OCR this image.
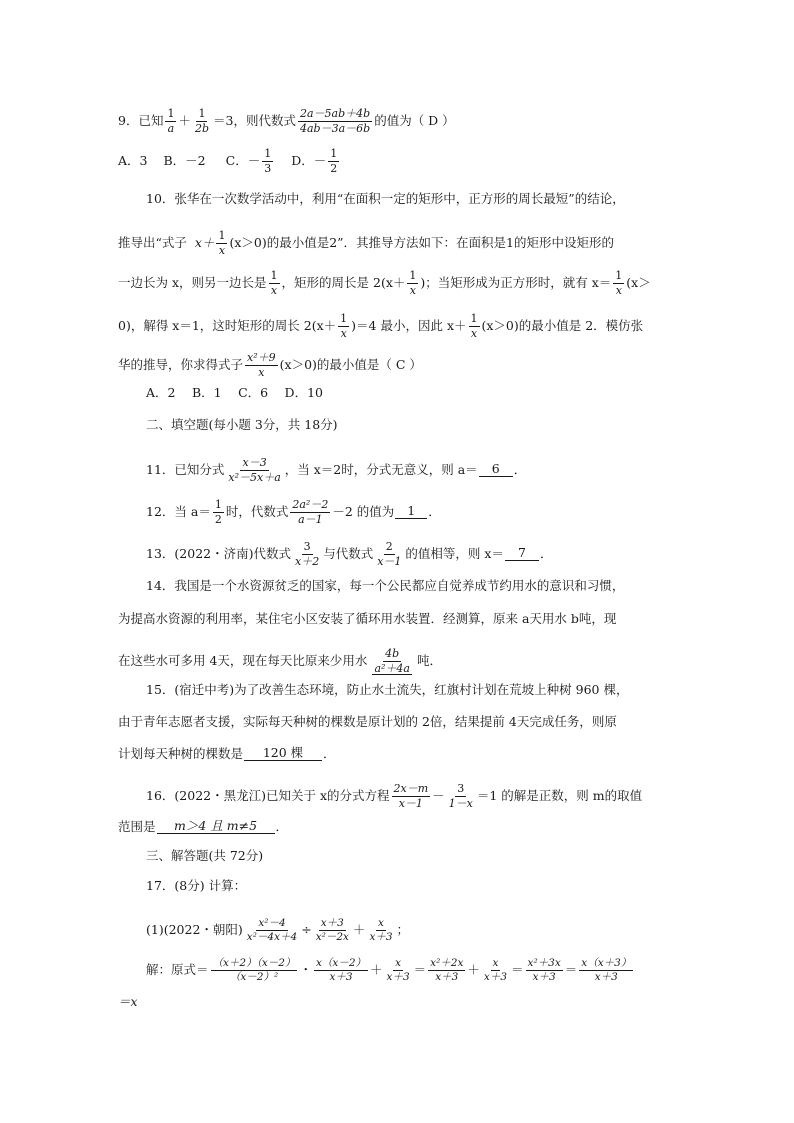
9．已知 1
a
＋ 1
2b
＝3，则代数式 2a－5ab＋4b
4ab－3a－6b
的值为（ D ）
A．3 B．－2 C．－ 1
3
D．－ 1
2
10．张华在一次数学活动中，利用“在面积一定的矩形中，正方形的周长最短”的结论，
推导出“式子 x＋ 1
x
(x＞0)的最小值是2”．其推导方法如下：在面积是1的矩形中设矩形的
一边长为 x，则另一边长是 1
x
，矩形的周长是 2(x＋ 1
x
)；当矩形成为正方形时，就有 x＝ 1
x
(x＞
0)，解得 x＝1，这时矩形的周长 2(x＋ 1
x
)＝4 最小，因此 x＋ 1
x
(x＞0)的最小值是 2．模仿张
华的推导，你求得式子 x²＋9
x
(x＞0)的最小值是（ C ）
A．2　 B．1　 C．6　 D．10
二、填空题(每小题 3分，共 18分)
11．已知分式 x－3
x²－5x＋a
，当 x＝2时，分式无意义，则 a＝	6	．
12．当 a＝ 1
2
时，代数式 2a²－2
a－1
－2 的值为	1	．
13．(2022・济南)代数式 3
x＋2
与代数式 2
x－1
的值相等，则 x＝	7	．
14．我国是一个水资源贫乏的国家，每一个公民都应自觉养成节约用水的意识和习惯，
为提高水资源的利用率，某住宅小区安装了循环用水装置．经测算，原来 a天用水 b吨，现
在这些水可多用 4天，现在每天比原来少用水 $\frac{4b}{\text{a²＋4a}}$ 吨．
15．(宿迁中考)为了改善生态环境，防止水土流失，红旗村计划在荒坡上种树 960 棵，
由于青年志愿者支援，实际每天种树的棵数是原计划的 2倍，结果提前 4天完成任务，则原
计划每天种树的棵数是	120 棵	．
16．(2022・黑龙江)已知关于 x的分式方程 2x－m
x－1
－ 3
1－x
＝1 的解是正数，则 m的取值
范围是	m＞4 且 m≠5	．
三、解答题(共 72分)
17．(8分) 计算：
(1)(2022・朝阳) $\frac{\text{x²－4}}{\text{x²－4x＋4}} \div \frac{x+3}{\text{x²－2x}} + x$
x＋3 ；
解：原式＝ （x＋2）（x－2）
（x－2）² ・ x（x－2）
x＋3 ＋ x
x＋3 ＝ x²＋2x
x＋3 ＋ x
x＋3 ＝ x²＋3x
x＋3 ＝ x（x＋3）
x＋3
＝x
